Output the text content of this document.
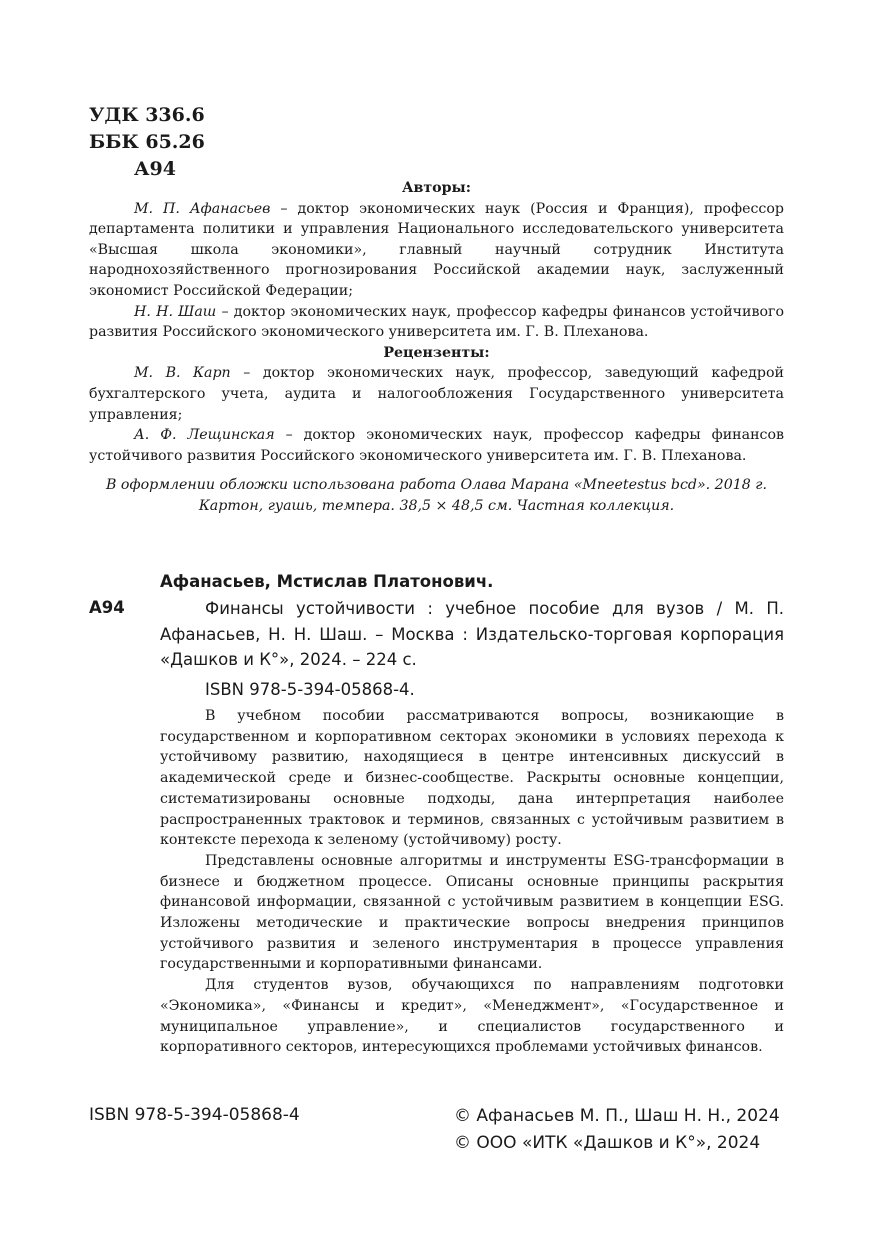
УДК 336.6
ББК 65.26
А94
Авторы:

М. П. Афанасьев – доктор экономических наук (Россия и Франция), профессор департамента политики и управления Национального исследовательского университета «Высшая школа экономики», главный научный сотрудник Института народнохозяйственного прогнозирования Российской академии наук, заслуженный экономист Российской Федерации;

Н. Н. Шаш – доктор экономических наук, профессор кафедры финансов устойчивого развития Российского экономического университета им. Г. В. Плеханова.

Рецензенты:

М. В. Карп – доктор экономических наук, профессор, заведующий кафедрой бухгалтерского учета, аудита и налогообложения Государственного университета управления;

А. Ф. Лещинская – доктор экономических наук, профессор кафедры финансов устойчивого развития Российского экономического университета им. Г. В. Плеханова.

В оформлении обложки использована работа Олава Марана «Mneetestus bcd». 2018 г.
Картон, гуашь, темпера. 38,5 × 48,5 см. Частная коллекция.
Афанасьев, Мстислав Платонович.
А94	Финансы устойчивости : учебное пособие для вузов / М. П. Афанасьев, Н. Н. Шаш. – Москва : Издательско-торговая корпорация «Дашков и К°», 2024. – 224 с.

ISBN 978-5-394-05868-4.

В учебном пособии рассматриваются вопросы, возникающие в государственном и корпоративном секторах экономики в условиях перехода к устойчивому развитию, находящиеся в центре интенсивных дискуссий в академической среде и бизнес-сообществе. Раскрыты основные концепции, систематизированы основные подходы, дана интерпретация наиболее распространенных трактовок и терминов, связанных с устойчивым развитием в контексте перехода к зеленому (устойчивому) росту.

Представлены основные алгоритмы и инструменты ESG-трансформации в бизнесе и бюджетном процессе. Описаны основные принципы раскрытия финансовой информации, связанной с устойчивым развитием в концепции ESG. Изложены методические и практические вопросы внедрения принципов устойчивого развития и зеленого инструментария в процессе управления государственными и корпоративными финансами.

Для студентов вузов, обучающихся по направлениям подготовки «Экономика», «Финансы и кредит», «Менеджмент», «Государственное и муниципальное управление», и специалистов государственного и корпоративного секторов, интересующихся проблемами устойчивых финансов.

ISBN 978-5-394-05868-4	© Афанасьев М. П., Шаш Н. Н., 2024
© ООО «ИТК «Дашков и К°», 2024
